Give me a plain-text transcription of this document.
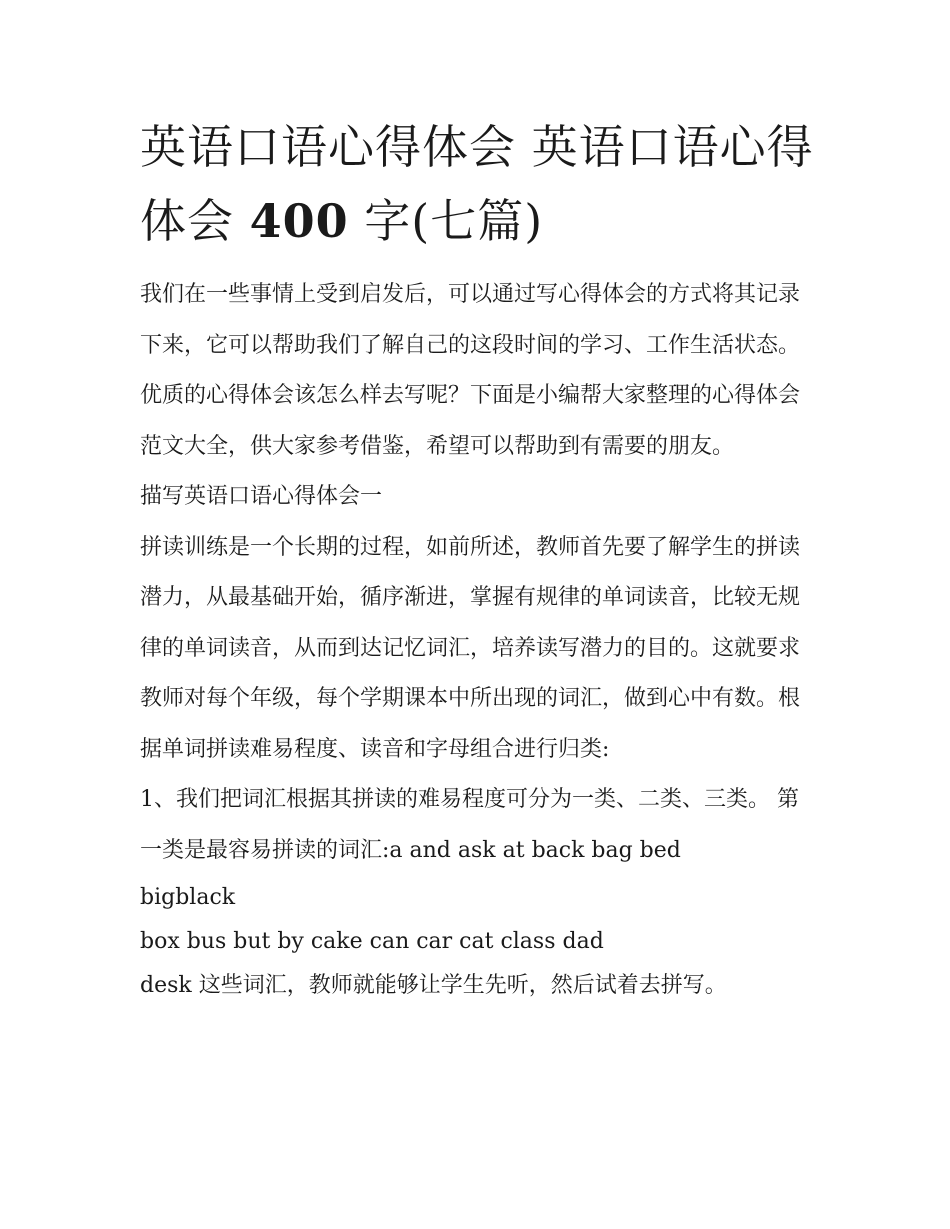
英语口语心得体会 英语口语心得体会 400 字(七篇)

我们在一些事情上受到启发后，可以通过写心得体会的方式将其记录下来，它可以帮助我们了解自己的这段时间的学习、工作生活状态。优质的心得体会该怎么样去写呢？下面是小编帮大家整理的心得体会范文大全，供大家参考借鉴，希望可以帮助到有需要的朋友。

描写英语口语心得体会一

拼读训练是一个长期的过程，如前所述，教师首先要了解学生的拼读潜力，从最基础开始，循序渐进，掌握有规律的单词读音，比较无规律的单词读音，从而到达记忆词汇，培养读写潜力的目的。这就要求教师对每个年级，每个学期课本中所出现的词汇，做到心中有数。根据单词拼读难易程度、读音和字母组合进行归类:

1、我们把词汇根据其拼读的难易程度可分为一类、二类、三类。 第一类是最容易拼读的词汇:a and ask at back bag bed

bigblack

box bus but by cake can car cat class dad

desk 这些词汇，教师就能够让学生先听，然后试着去拼写。
